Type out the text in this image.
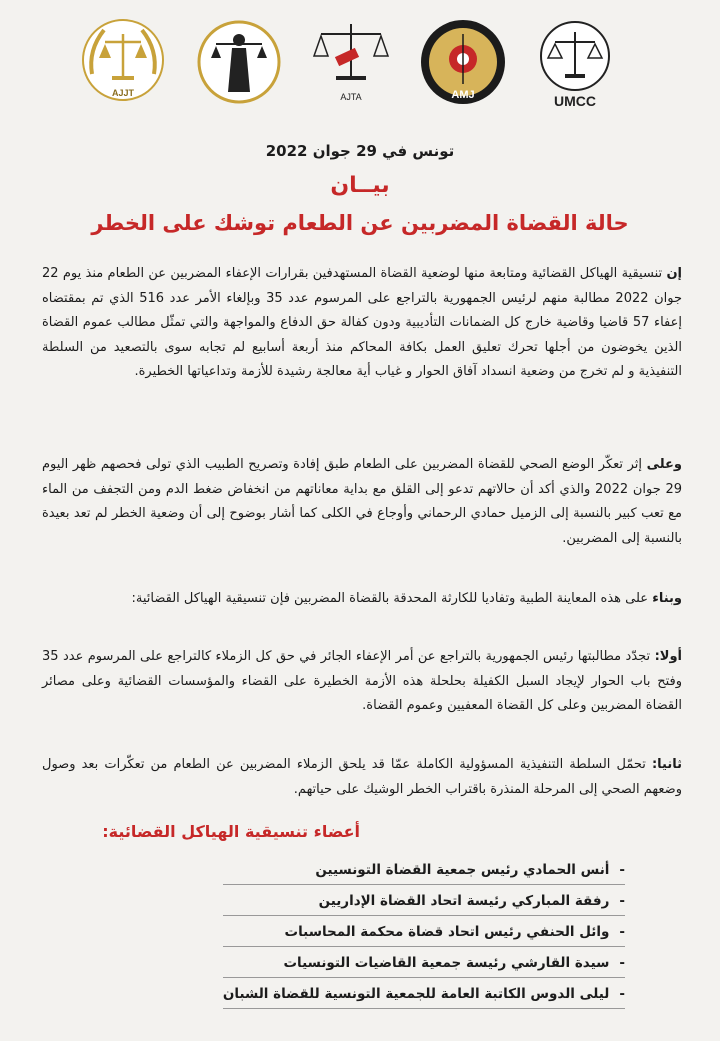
UMCC
AMJ
AJTA
AJJT
تونس في 29 جوان 2022
بيــان
حالة القضاة المضربين عن الطعام توشك على الخطر
إن تنسيقية الهياكل القضائية ومتابعة منها لوضعية القضاة المستهدفين بقرارات الإعفاء المضربين عن الطعام منذ يوم 22 جوان 2022 مطالبة منهم لرئيس الجمهورية بالتراجع على المرسوم عدد 35 وبإلغاء الأمر عدد 516 الذي تم بمقتضاه إعفاء 57 قاضيا وقاضية خارج كل الضمانات التأديبية ودون كفالة حق الدفاع والمواجهة والتي تمثّل مطالب عموم القضاة الذين يخوضون من أجلها تحرك تعليق العمل بكافة المحاكم منذ أربعة أسابيع لم تجابه سوى بالتصعيد من السلطة التنفيذية و لم تخرج من وضعية انسداد آفاق الحوار و غياب أية معالجة رشيدة للأزمة وتداعياتها الخطيرة.
وعلى إثر تعكّر الوضع الصحي للقضاة المضربين على الطعام طبق إفادة وتصريح الطبيب الذي تولى فحصهم ظهر اليوم 29 جوان 2022 والذي أكد أن حالاتهم تدعو إلى القلق مع بداية معاناتهم من انخفاض ضغط الدم ومن التجفف من الماء مع تعب كبير بالنسبة إلى الزميل حمادي الرحماني وأوجاع في الكلى كما أشار بوضوح إلى أن وضعية الخطر لم تعد بعيدة بالنسبة إلى المضربين.
وبناء على هذه المعاينة الطبية وتفاديا للكارثة المحدقة بالقضاة المضربين فإن تنسيقية الهياكل القضائية:
أولا: تجدّد مطالبتها رئيس الجمهورية بالتراجع عن أمر الإعفاء الجائر في حق كل الزملاء كالتراجع على المرسوم عدد 35 وفتح باب الحوار لإيجاد السبل الكفيلة بحلحلة هذه الأزمة الخطيرة على القضاء والمؤسسات القضائية وعلى مصائر القضاة المضربين وعلى كل القضاة المعفيين وعموم القضاة.
ثانيا: تحمّل السلطة التنفيذية المسؤولية الكاملة عمّا قد يلحق الزملاء المضربين عن الطعام من تعكّرات بعد وصول وضعهم الصحي إلى المرحلة المنذرة باقتراب الخطر الوشيك على حياتهم.
أعضاء تنسيقية الهياكل القضائية:
-أنس الحمادي رئيس جمعية القضاة التونسيين
-رفقة المباركي رئيسة اتحاد القضاة الإداريين
-وائل الحنفي رئيس اتحاد قضاة محكمة المحاسبات
-سيدة القارشي رئيسة جمعية القاضيات التونسيات
-ليلى الدوس الكاتبة العامة للجمعية التونسية للقضاة الشبان
